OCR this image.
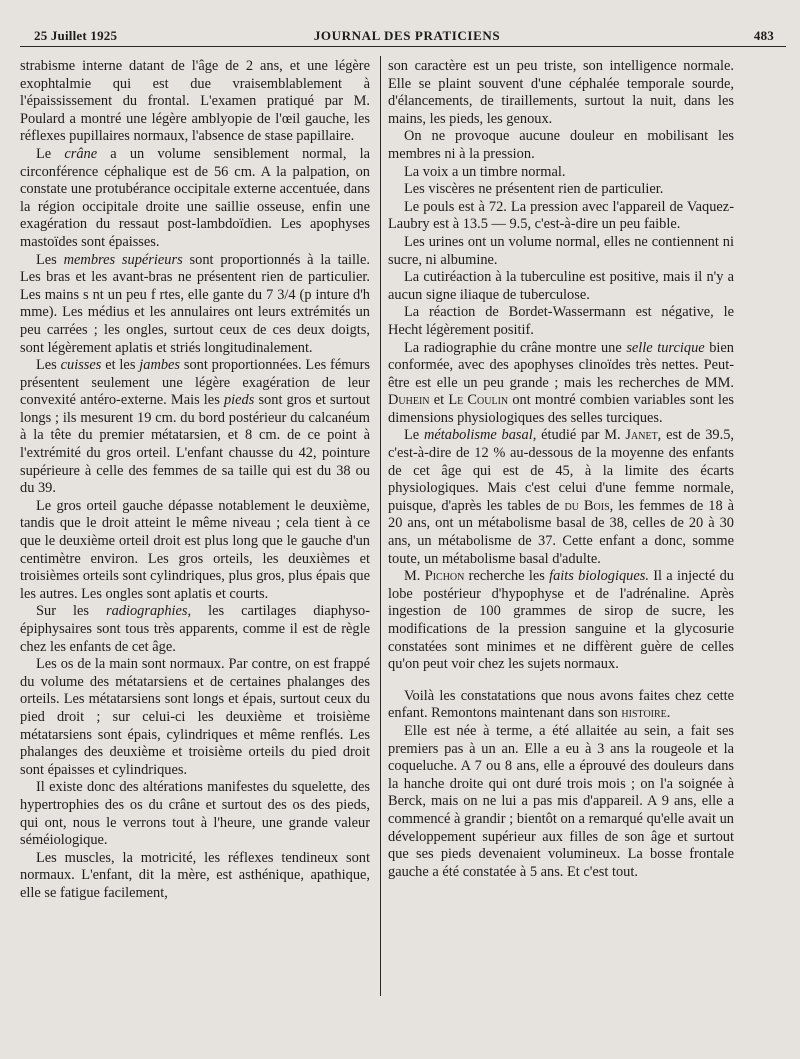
25 Juillet 1925	JOURNAL DES PRATICIENS	483

strabisme interne datant de l'âge de 2 ans, et une légère exophtalmie qui est due vraisemblablement à l'épaississement du frontal. L'examen pratiqué par M. Poulard a montré une légère amblyopie de l'œil gauche, les réflexes pupillaires normaux, l'absence de stase papillaire.

Le crâne a un volume sensiblement normal, la circonférence céphalique est de 56 cm. A la palpation, on constate une protubérance occipitale externe accentuée, dans la région occipitale droite une saillie osseuse, enfin une exagération du ressaut post-lambdoïdien. Les apophyses mastoïdes sont épaisses.

Les membres supérieurs sont proportionnés à la taille. Les bras et les avant-bras ne présentent rien de particulier. Les mains s nt un peu f rtes, elle gante du 7 3/4 (p inture d'h mme). Les médius et les annulaires ont leurs extrémités un peu carrées ; les ongles, surtout ceux de ces deux doigts, sont légèrement aplatis et striés longitudinalement.

Les cuisses et les jambes sont proportionnées. Les fémurs présentent seulement une légère exagération de leur convexité antéro-externe. Mais les pieds sont gros et surtout longs ; ils mesurent 19 cm. du bord postérieur du calcanéum à la tête du premier métatarsien, et 8 cm. de ce point à l'extrémité du gros orteil. L'enfant chausse du 42, pointure supérieure à celle des femmes de sa taille qui est du 38 ou du 39.

Le gros orteil gauche dépasse notablement le deuxième, tandis que le droit atteint le même niveau ; cela tient à ce que le deuxième orteil droit est plus long que le gauche d'un centimètre environ. Les gros orteils, les deuxièmes et troisièmes orteils sont cylindriques, plus gros, plus épais que les autres. Les ongles sont aplatis et courts.

Sur les radiographies, les cartilages diaphyso-épiphysaires sont tous très apparents, comme il est de règle chez les enfants de cet âge.

Les os de la main sont normaux. Par contre, on est frappé du volume des métatarsiens et de certaines phalanges des orteils. Les métatarsiens sont longs et épais, surtout ceux du pied droit ; sur celui-ci les deuxième et troisième métatarsiens sont épais, cylindriques et même renflés. Les phalanges des deuxième et troisième orteils du pied droit sont épaisses et cylindriques.

Il existe donc des altérations manifestes du squelette, des hypertrophies des os du crâne et surtout des os des pieds, qui ont, nous le verrons tout à l'heure, une grande valeur séméiologique.

Les muscles, la motricité, les réflexes tendineux sont normaux. L'enfant, dit la mère, est asthénique, apathique, elle se fatigue facilement,

son caractère est un peu triste, son intelligence normale. Elle se plaint souvent d'une céphalée temporale sourde, d'élancements, de tiraillements, surtout la nuit, dans les mains, les pieds, les genoux.

On ne provoque aucune douleur en mobilisant les membres ni à la pression.

La voix a un timbre normal.

Les viscères ne présentent rien de particulier.

Le pouls est à 72. La pression avec l'appareil de Vaquez-Laubry est à 13.5 — 9.5, c'est-à-dire un peu faible.

Les urines ont un volume normal, elles ne contiennent ni sucre, ni albumine.

La cutiréaction à la tuberculine est positive, mais il n'y a aucun signe iliaque de tuberculose.

La réaction de Bordet-Wassermann est négative, le Hecht légèrement positif.

La radiographie du crâne montre une selle turcique bien conformée, avec des apophyses clinoïdes très nettes. Peut-être est elle un peu grande ; mais les recherches de MM. Duhein et Le Coulin ont montré combien variables sont les dimensions physiologiques des selles turciques.

Le métabolisme basal, étudié par M. Janet, est de 39.5, c'est-à-dire de 12 % au-dessous de la moyenne des enfants de cet âge qui est de 45, à la limite des écarts physiologiques. Mais c'est celui d'une femme normale, puisque, d'après les tables de du Bois, les femmes de 18 à 20 ans, ont un métabolisme basal de 38, celles de 20 à 30 ans, un métabolisme de 37. Cette enfant a donc, somme toute, un métabolisme basal d'adulte.

M. Pichon recherche les faits biologiques. Il a injecté du lobe postérieur d'hypophyse et de l'adrénaline. Après ingestion de 100 grammes de sirop de sucre, les modifications de la pression sanguine et la glycosurie constatées sont minimes et ne diffèrent guère de celles qu'on peut voir chez les sujets normaux.

Voilà les constatations que nous avons faites chez cette enfant. Remontons maintenant dans son histoire.

Elle est née à terme, a été allaitée au sein, a fait ses premiers pas à un an. Elle a eu à 3 ans la rougeole et la coqueluche. A 7 ou 8 ans, elle a éprouvé des douleurs dans la hanche droite qui ont duré trois mois ; on l'a soignée à Berck, mais on ne lui a pas mis d'appareil. A 9 ans, elle a commencé à grandir ; bientôt on a remarqué qu'elle avait un développement supérieur aux filles de son âge et surtout que ses pieds devenaient volumineux. La bosse frontale gauche a été constatée à 5 ans. Et c'est tout.
